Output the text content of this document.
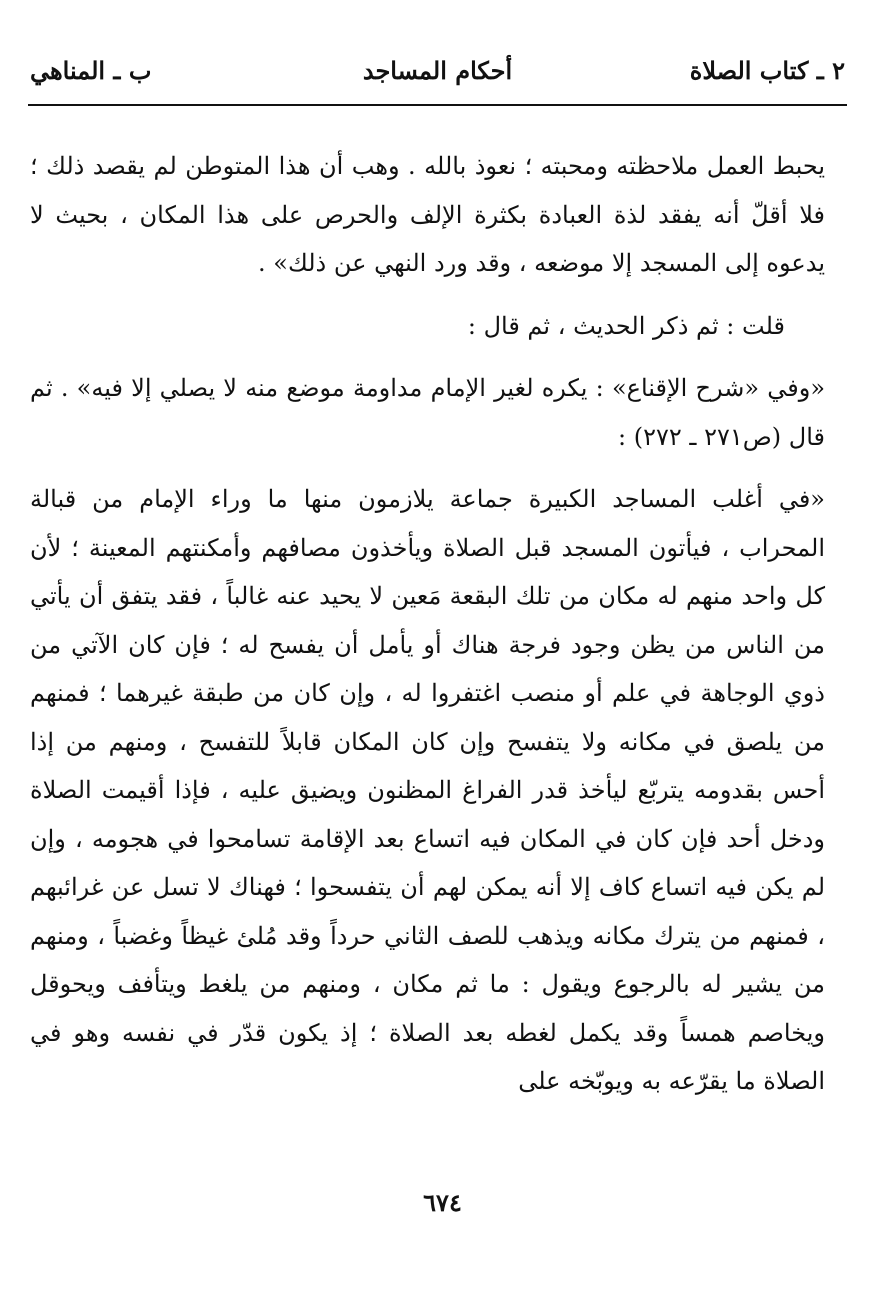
٢ ـ كتاب الصلاة
أحكام المساجد
ب ـ المناهي

يحبط العمل ملاحظته ومحبته ؛ نعوذ بالله . وهب أن هذا المتوطن لم يقصد ذلك ؛ فلا أقلّ أنه يفقد لذة العبادة بكثرة الإلف والحرص على هذا المكان ، بحيث لا يدعوه إلى المسجد إلا موضعه ، وقد ورد النهي عن ذلك» .

قلت : ثم ذكر الحديث ، ثم قال :

«وفي «شرح الإقناع» : يكره لغير الإمام مداومة موضع منه لا يصلي إلا فيه» . ثم قال (ص٢٧١ ـ ٢٧٢) :

«في أغلب المساجد الكبيرة جماعة يلازمون منها ما وراء الإمام من قبالة المحراب ، فيأتون المسجد قبل الصلاة ويأخذون مصافهم وأمكنتهم المعينة ؛ لأن كل واحد منهم له مكان من تلك البقعة مَعين لا يحيد عنه غالباً ، فقد يتفق أن يأتي من الناس من يظن وجود فرجة هناك أو يأمل أن يفسح له ؛ فإن كان الآتي من ذوي الوجاهة في علم أو منصب اغتفروا له ، وإن كان من طبقة غيرهما ؛ فمنهم من يلصق في مكانه ولا يتفسح وإن كان المكان قابلاً للتفسح ، ومنهم من إذا أحس بقدومه يتربّع ليأخذ قدر الفراغ المظنون ويضيق عليه ، فإذا أقيمت الصلاة ودخل أحد فإن كان في المكان فيه اتساع بعد الإقامة تسامحوا في هجومه ، وإن لم يكن فيه اتساع كاف إلا أنه يمكن لهم أن يتفسحوا ؛ فهناك لا تسل عن غرائبهم ، فمنهم من يترك مكانه ويذهب للصف الثاني حرداً وقد مُلئ غيظاً وغضباً ، ومنهم من يشير له بالرجوع ويقول : ما ثم مكان ، ومنهم من يلغط ويتأفف ويحوقل ويخاصم همساً وقد يكمل لغطه بعد الصلاة ؛ إذ يكون قدّر في نفسه وهو في الصلاة ما يقرّعه به ويوبّخه على

٦٧٤
